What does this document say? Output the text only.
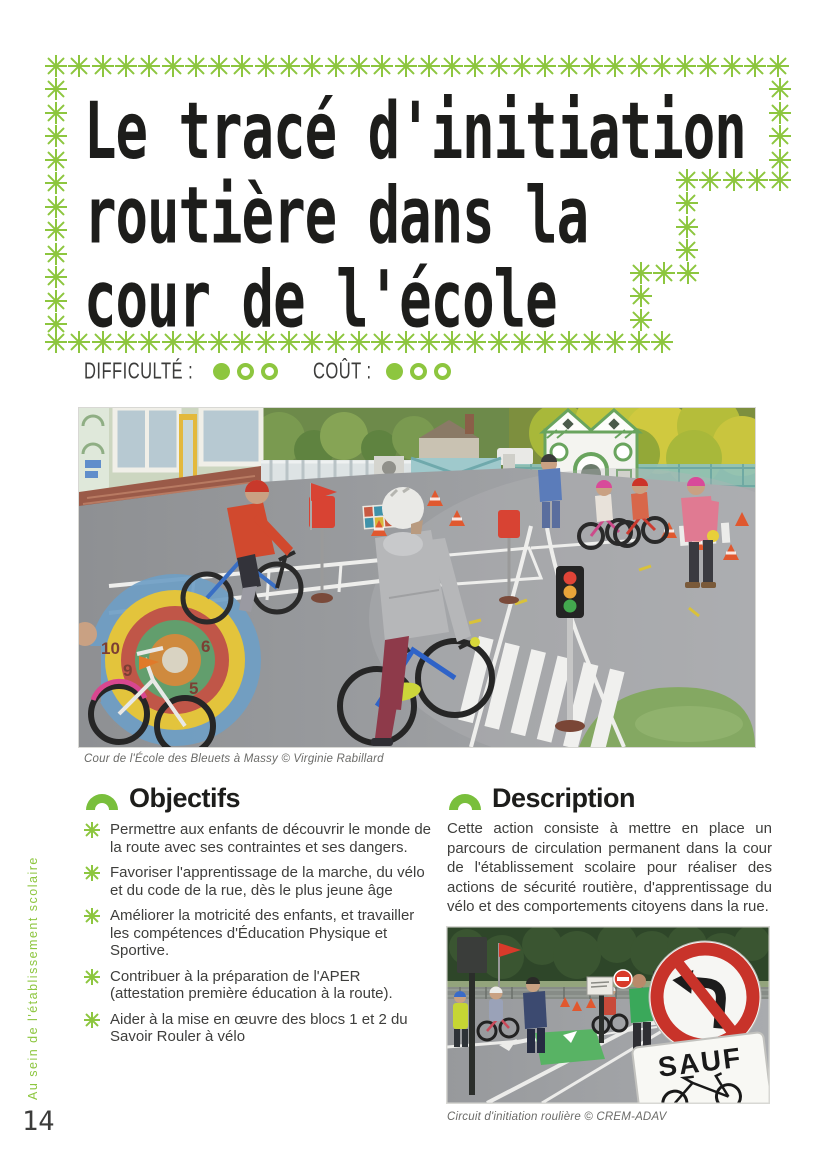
Le tracé d'initiation
routière dans la
cour de l'école
DIFFICULTÉ :	COÛT :
10
9
6
5
Cour de l'École des Bleuets à Massy © Virginie Rabillard
Objectifs
Permettre aux enfants de découvrir le monde de la route avec ses contraintes et ses dangers.
Favoriser l'apprentissage de la marche, du vélo et du code de la rue, dès le plus jeune âge
Améliorer la motricité des enfants, et travailler les compétences d'Éducation Physique et Sportive.
Contribuer à la préparation de l'APER (attestation première éducation à la route).
Aider à la mise en œuvre des blocs 1 et 2 du Savoir Rouler à vélo
Description

Cette action consiste à mettre en place un parcours de circulation permanent dans la cour de l'établissement scolaire pour réaliser des actions de sécurité routière, d'apprentissage du vélo et des comportements citoyens dans la rue.

SAUF
Circuit d'initiation roulière © CREM-ADAV
Au sein de l'établissement scolaire
14
